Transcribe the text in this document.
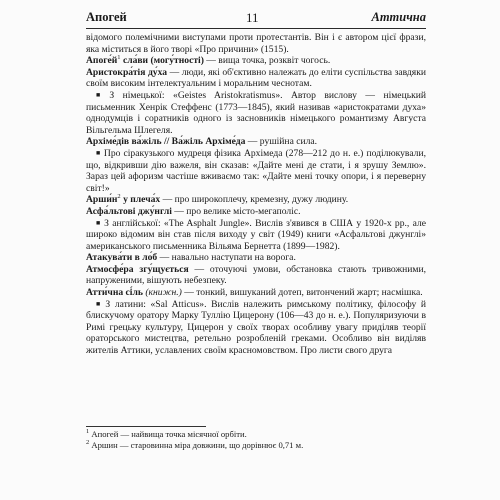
Апогей	11	Аттична

відомого полемічними виступами проти протестантів. Він і є автором цієї фрази, яка міститься в його творі «Про причини» (1515).

$Апоге́й^1$ сла́ви (могу́тності) — вища точка, розквіт чогось.

Аристокра́тія ду́ха — люди, які об'єктивно належать до еліти суспільства завдяки своїм високим інтелектуальним і моральним чеснотам.

■ З німецької: «Geistes Aristokratismus». Автор вислову — німецький письменник Хенрік Стеффенс (1773—1845), який називав «аристократами духа» однодумців і соратників одного із засновників німецького романтизму Августа Вільгельма Шлегеля.

Архіме́дів ва́жіль // Ва́жіль Архіме́да — рушійна сила.

■ Про сіракузького мудреця фізика Архімеда (278—212 до н. е.) поділюкували, що, відкривши дію важеля, він сказав: «Дайте мені де стати, і я зрушу Землю». Зараз цей афоризм частіше вживаємо так: «Дайте мені точку опори, і я переверну світ!»

$Арши́н^2$ у плеча́х — про широкоплечу, кремезну, дужу людину.

Асфа́льтові джу́нглі — про велике місто-мегаполіс.

■ З англійської: «The Asphalt Jungle». Вислів з'явився в США у 1920-х рр., але широко відомим він став після виходу у світ (1949) книги «Асфальтові джунглі» американського письменника Вільяма Бернетта (1899—1982).

Атакува́ти в ло́б — навально наступати на ворога.

Атмосфе́ра згу́щується — оточуючі умови, обстановка стають тривожними, напруженими, вішують небезпеку.

Атти́чна сі́ль (книжн.) — тонкий, вишуканий дотеп, витончений жарт; насмішка.

■ З латини: «Sal Atticus». Вислів належить римському політику, філософу й блискучому оратору Марку Туллію Цицерону (106—43 до н. е.). Популяризуючи в Римі грецьку культуру, Цицерон у своїх творах особливу увагу приділяв теорії ораторського мистецтва, ретельно розробленій греками. Особливо він виділяв жителів Аттики, уславлених своїм красномовством. Про листи свого друга

$^1$ Апогей — найвища точка місячної орбіти.
$^2$ Аршин — старовинна міра довжини, що дорівнює 0,71 м.
